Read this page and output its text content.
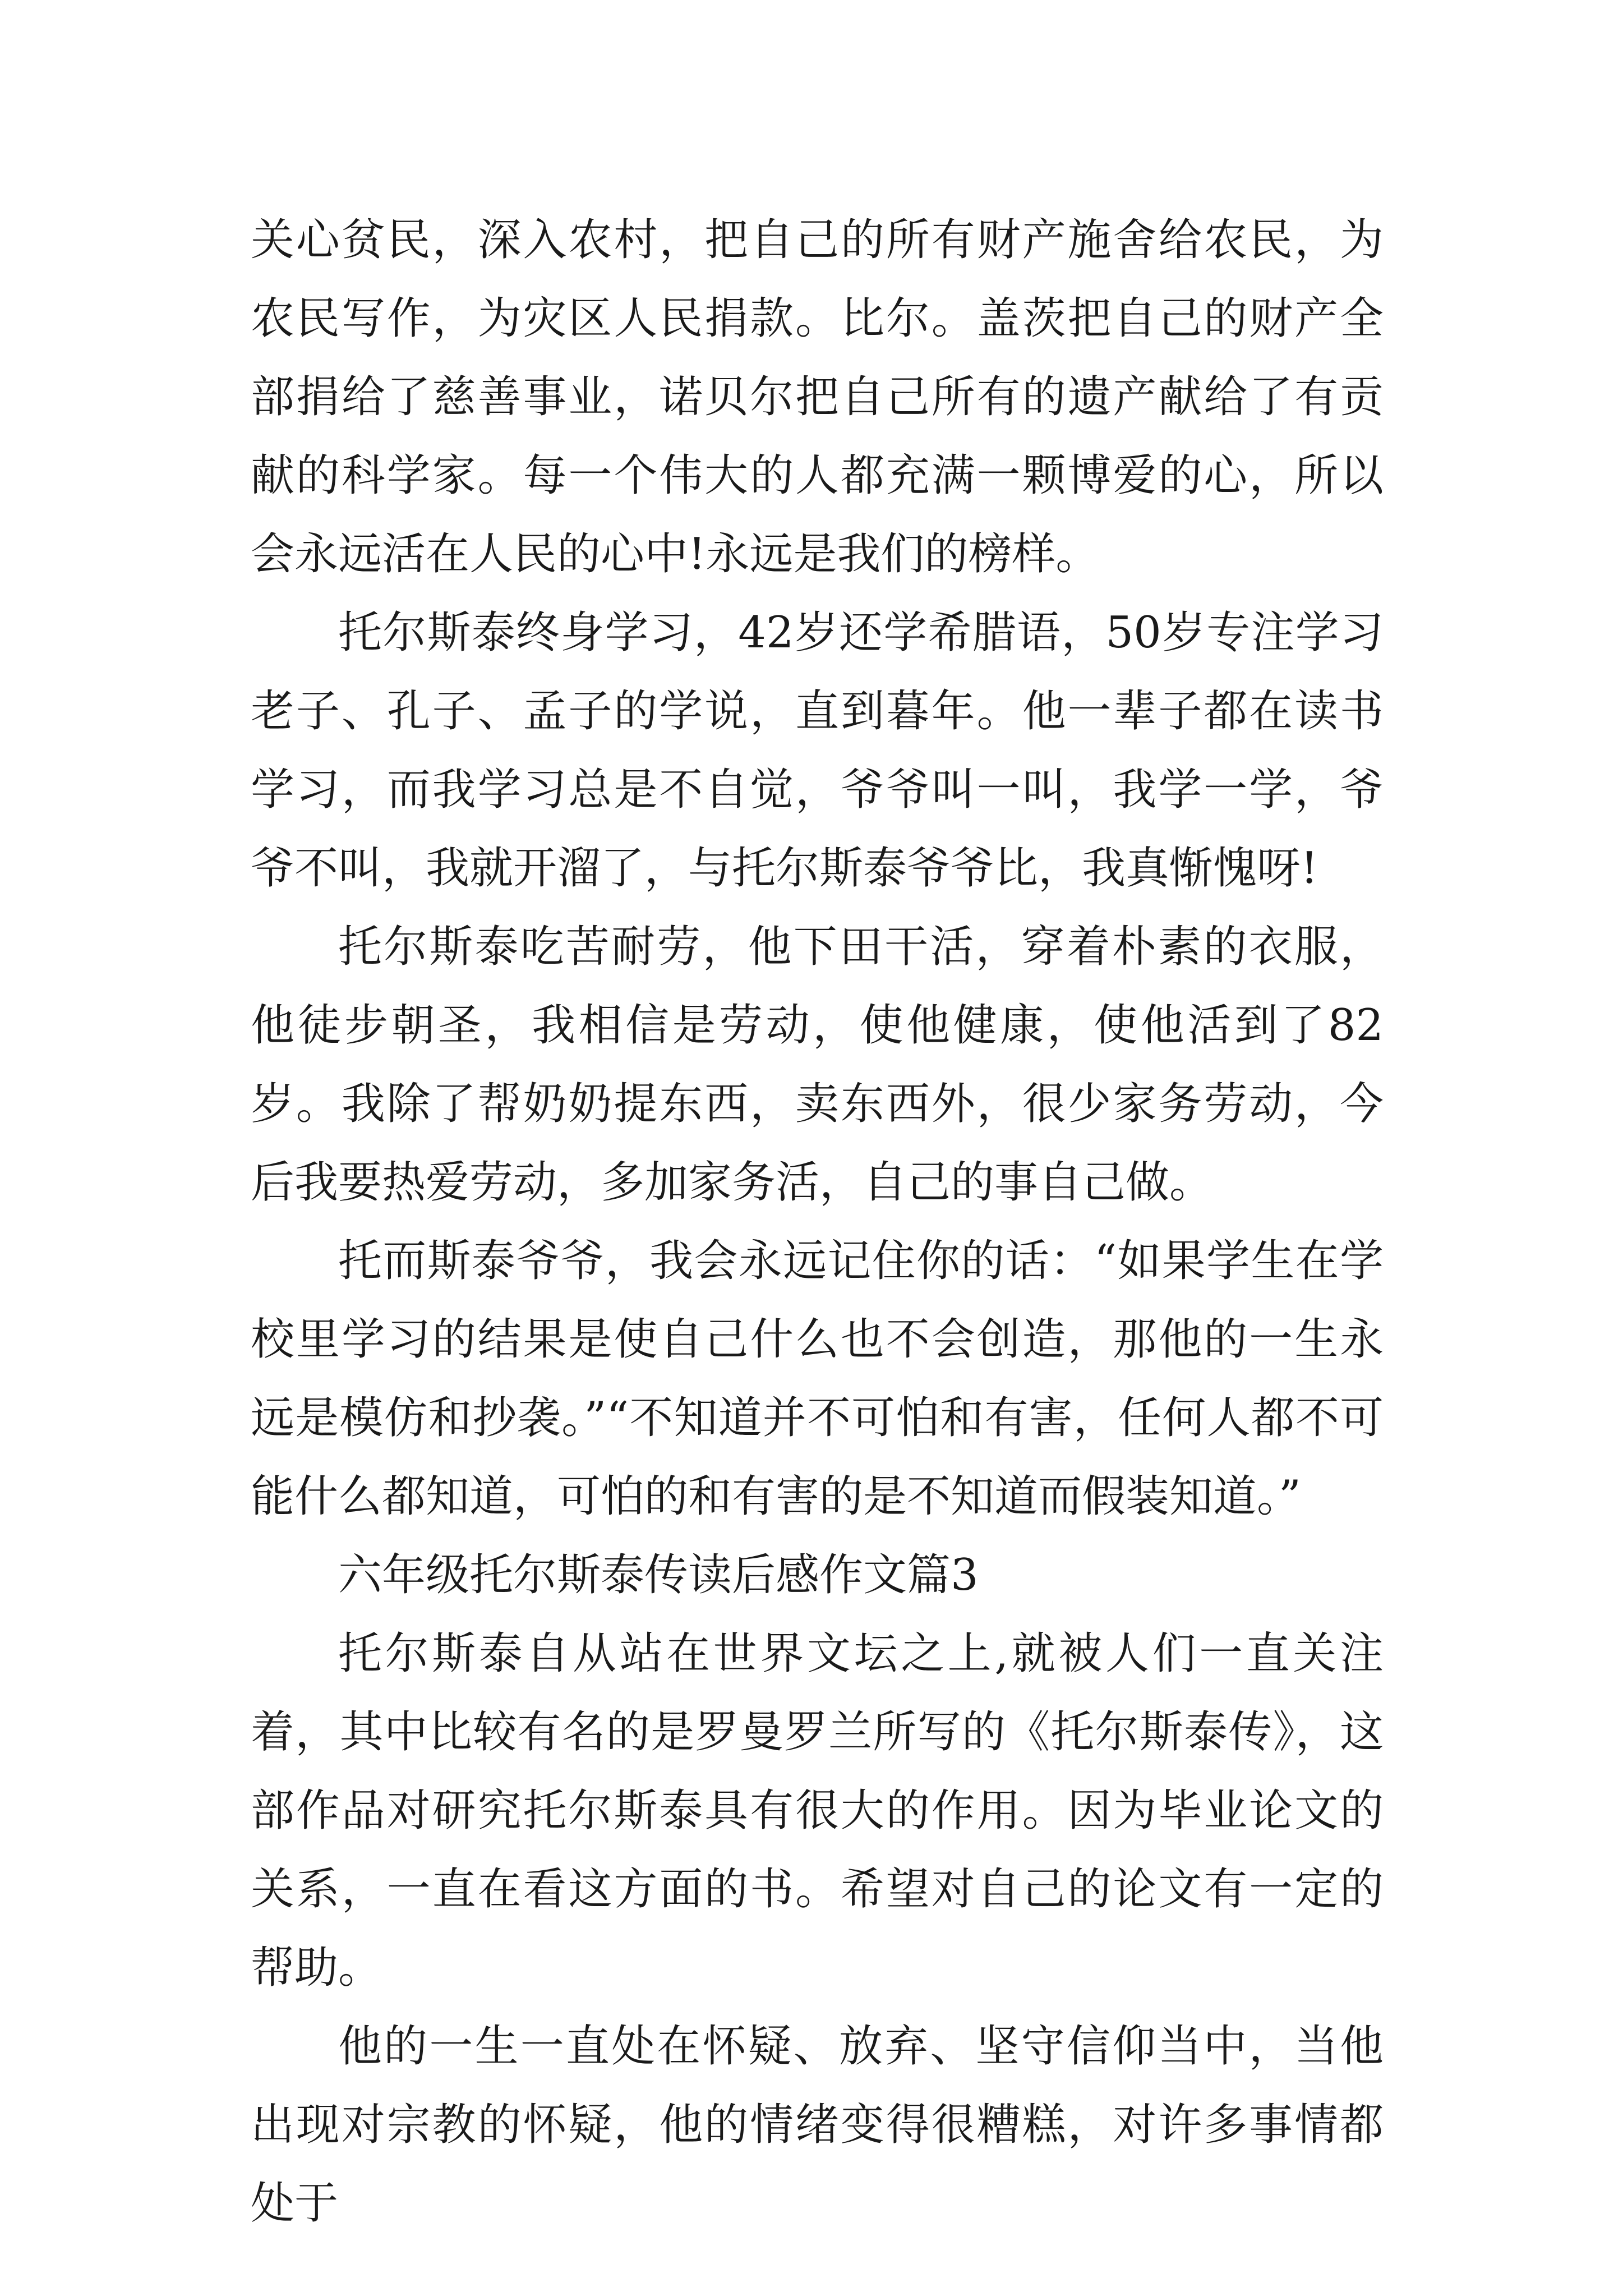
关心贫民，深入农村，把自己的所有财产施舍给农民，为农民写作，为灾区人民捐款。比尔。盖茨把自己的财产全部捐给了慈善事业，诺贝尔把自己所有的遗产献给了有贡献的科学家。每一个伟大的人都充满一颗博爱的心，所以会永远活在人民的心中!永远是我们的榜样。

托尔斯泰终身学习，42岁还学希腊语，50岁专注学习老子、孔子、孟子的学说，直到暮年。他一辈子都在读书学习，而我学习总是不自觉，爷爷叫一叫，我学一学，爷爷不叫，我就开溜了，与托尔斯泰爷爷比，我真惭愧呀!

托尔斯泰吃苦耐劳，他下田干活，穿着朴素的衣服，他徒步朝圣，我相信是劳动，使他健康，使他活到了82岁。我除了帮奶奶提东西，卖东西外，很少家务劳动，今后我要热爱劳动，多加家务活，自己的事自己做。

托而斯泰爷爷，我会永远记住你的话：“如果学生在学校里学习的结果是使自己什么也不会创造，那他的一生永远是模仿和抄袭。”“不知道并不可怕和有害，任何人都不可能什么都知道，可怕的和有害的是不知道而假装知道。”

六年级托尔斯泰传读后感作文篇3

托尔斯泰自从站在世界文坛之上,就被人们一直关注着，其中比较有名的是罗曼罗兰所写的《托尔斯泰传》，这部作品对研究托尔斯泰具有很大的作用。因为毕业论文的关系，一直在看这方面的书。希望对自己的论文有一定的帮助。

他的一生一直处在怀疑、放弃、坚守信仰当中，当他出现对宗教的怀疑，他的情绪变得很糟糕，对许多事情都处于
